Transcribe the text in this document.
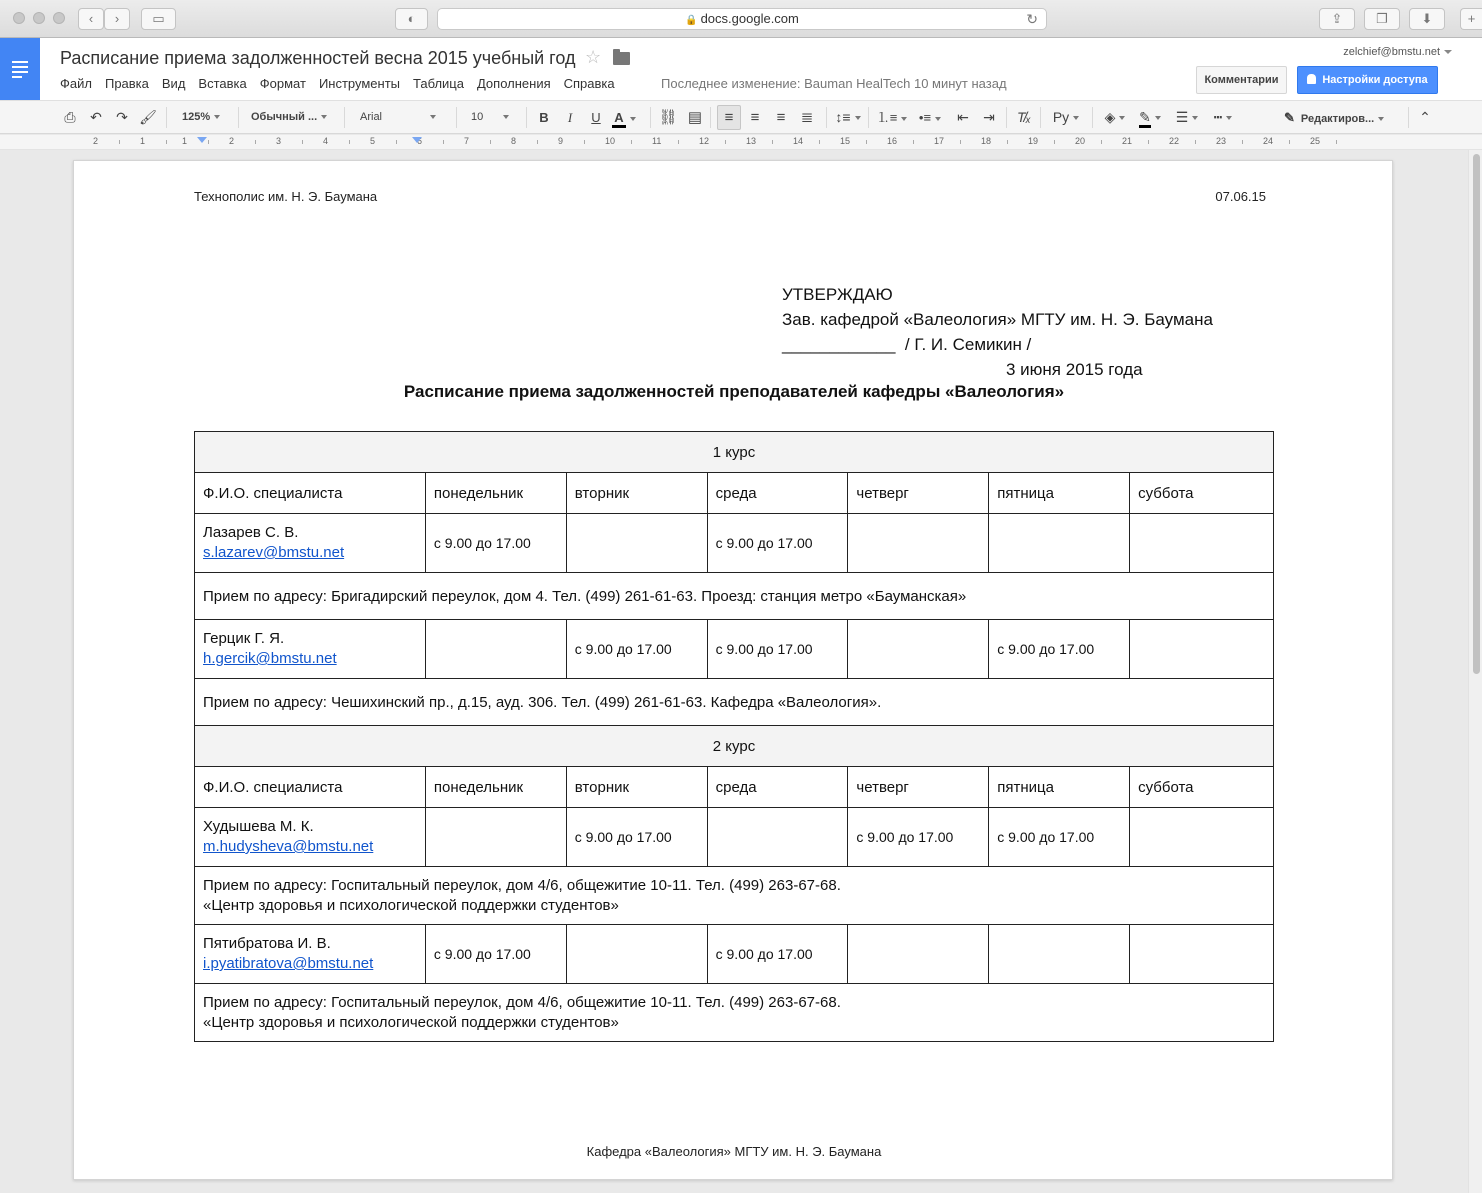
‹	›	▭	◐	🔒 docs.google.com	↻	⇪	❐	⬇	+
Расписание приема задолженностей весна 2015 учебный год ☆
Файл Правка Вид Вставка Формат Инструменты Таблица Дополнения Справка	Последнее изменение: Bauman HealTech 10 минут назад
zelchief@bmstu.net
Комментарии	Настройки доступа
⎙	↶ ↷ 🖌 125%	Обычный ...	Arial	10	B	I	U A	⛓ ▤	≡	≡	≡	≣ ↕≡	⒈≡	•≡	⇤ ⇥ T̸ₓ	Ру	◈	✎	☰	┅	✎ Редактиров...	⌃
2	1	1	2	3	4	5	6	7	8	9	10	11	12	13	14	15	16	17	18	19	20	21	22	23	24	25
Технополис им. Н. Э. Баумана	07.06.15
УТВЕРЖДАЮ
Зав. кафедрой «Валеология» МГТУ им. Н. Э. Баумана
____________  / Г. И. Семикин /
3 июня 2015 года
Расписание приема задолженностей преподавателей кафедры «Валеология»
1 курс						
Ф.И.О. специалиста	понедельник	вторник	среда	четверг	пятница	суббота

Лазарев С. В.
s.lazarev@bmstu.net	с 9.00 до 17.00		с 9.00 до 17.00			

Прием по адресу: Бригадирский переулок, дом 4. Тел. (499) 261-61-63. Проезд: станция метро «Бауманская»						

Герцик Г. Я.
h.gercik@bmstu.net		с 9.00 до 17.00	с 9.00 до 17.00		с 9.00 до 17.00	

Прием по адресу: Чешихинский пр., д.15, ауд. 306. Тел. (499) 261-61-63. Кафедра «Валеология».						

2 курс						
Ф.И.О. специалиста	понедельник	вторник	среда	четверг	пятница	суббота

Худышева М. К.
m.hudysheva@bmstu.net		с 9.00 до 17.00		с 9.00 до 17.00	с 9.00 до 17.00	

Прием по адресу: Госпитальный переулок, дом 4/6, общежитие 10-11. Тел. (499) 263-67-68.
«Центр здоровья и психологической поддержки студентов»						

Пятибратова И. В.
i.pyatibratova@bmstu.net	с 9.00 до 17.00		с 9.00 до 17.00			

Прием по адресу: Госпитальный переулок, дом 4/6, общежитие 10-11. Тел. (499) 263-67-68.
«Центр здоровья и психологической поддержки студентов»						
Кафедра «Валеология» МГТУ им. Н. Э. Баумана
